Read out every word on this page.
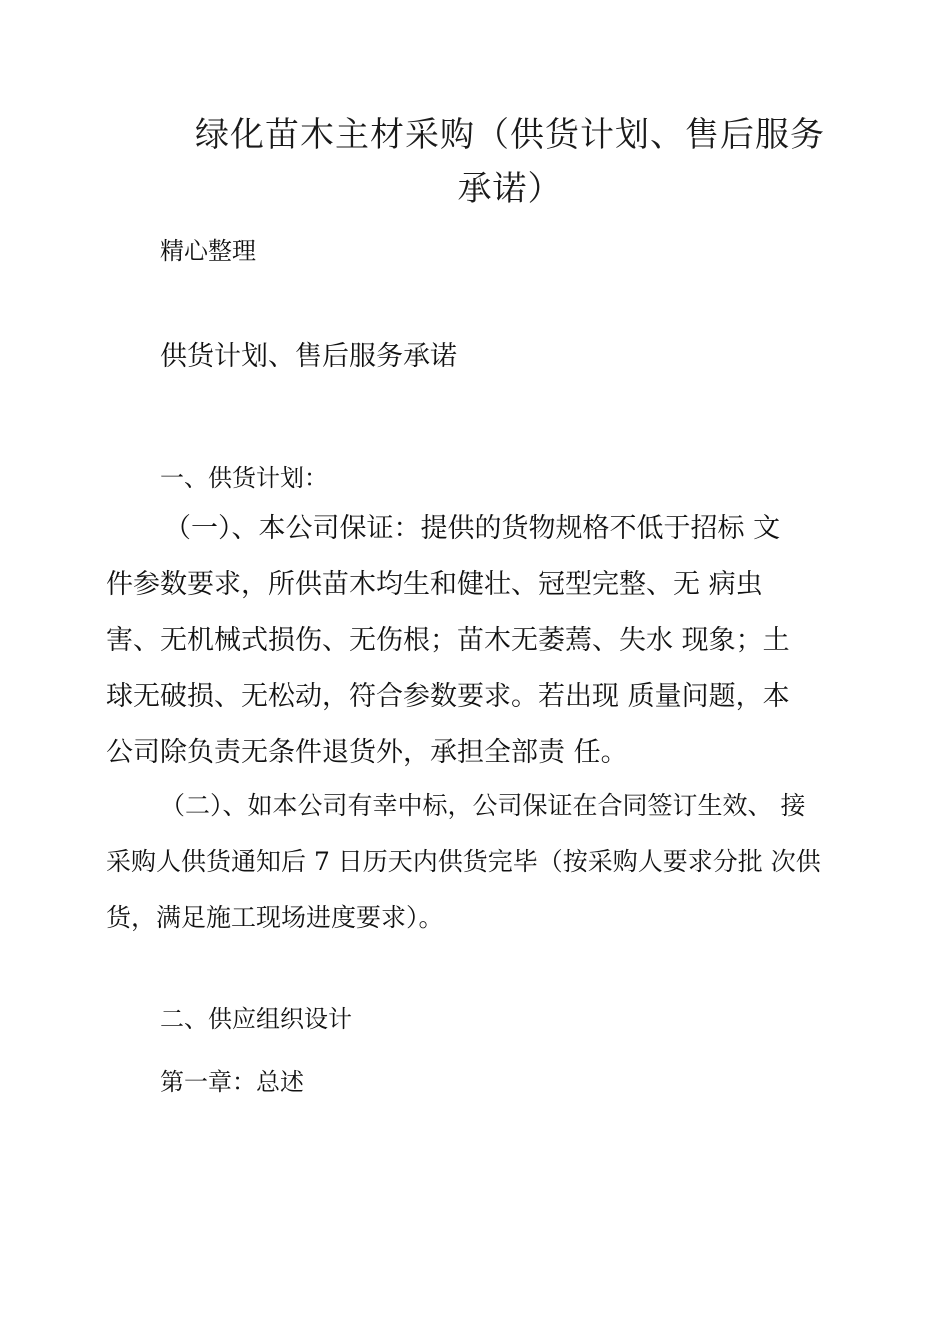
绿化苗木主材采购（供货计划、售后服务
承诺）
精心整理
供货计划、售后服务承诺
一、供货计划：
（一）、本公司保证：提供的货物规格不低于招标 文
件参数要求，所供苗木均生和健壮、冠型完整、无 病虫
害、无机械式损伤、无伤根；苗木无萎蔫、失水 现象；土
球无破损、无松动，符合参数要求。若出现 质量问题，本
公司除负责无条件退货外，承担全部责 任。
（二）、如本公司有幸中标，公司保证在合同签订生效、 接
采购人供货通知后 7 日历天内供货完毕（按采购人要求分批 次供
货，满足施工现场进度要求）。
二、供应组织设计
第一章：总述
